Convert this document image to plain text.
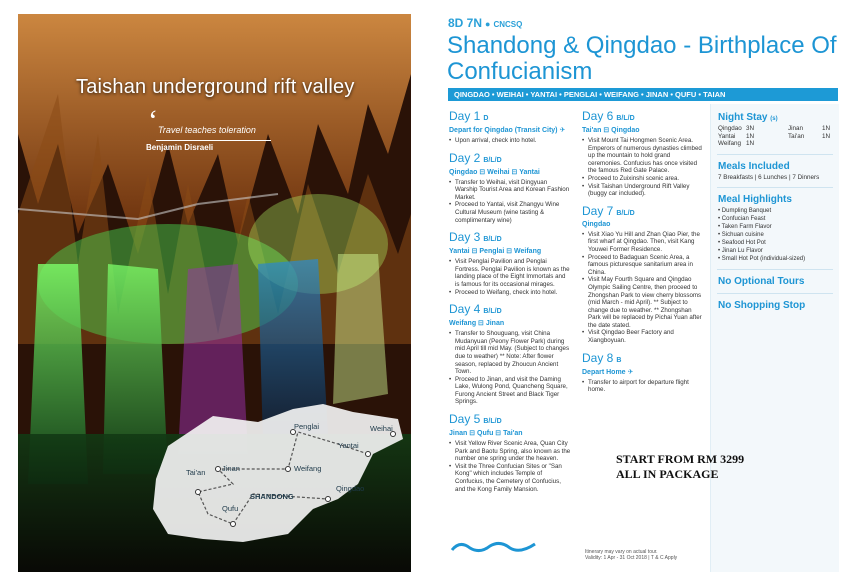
Taishan underground rift valley
‘ Travel teaches toleration
Benjamin Disraeli
Penglai	Weihai
Yantai
Weifang
Tai'an Jinan
Qingdao
Qufu
SHANDONG
8D 7N ● CNCSQ
Shandong & Qingdao - Birthplace Of Confucianism
QINGDAO • WEIHAI • YANTAI • PENGLAI • WEIFANG • JINAN • QUFU • TAIAN
Day 1 D
Depart for Qingdao (Transit City) ✈
• Upon arrival, check into hotel.
Day 2 B/L/D
Qingdao ⊟ Weihai ⊟ Yantai
• Transfer to Weihai, visit Dingyuan Warship Tourist Area and Korean Fashion Market.
• Proceed to Yantai, visit Zhangyu Wine Cultural Museum (wine tasting & complimentary wine)
Day 3 B/L/D
Yantai ⊟ Penglai ⊟ Weifang
• Visit Penglai Pavilion and Penglai Fortress. Penglai Pavilion is known as the landing place of the Eight Immortals and is famous for its occasional mirages.
• Proceed to Weifang, check into hotel.
Day 4 B/L/D
Weifang ⊟ Jinan
• Transfer to Shouguang, visit China Mudanyuan (Peony Flower Park) during mid April till mid May. (Subject to changes due to weather) ** Note: After flower season, replaced by Zhoucun Ancient Town.
• Proceed to Jinan, and visit the Daming Lake, Wulong Pond, Quancheng Square, Furong Ancient Street and Black Tiger Springs.
Day 5 B/L/D
Jinan ⊟ Qufu ⊟ Tai'an
• Visit Yellow River Scenic Area, Quan City Park and Baotu Spring, also known as the number one spring under the heaven.
• Visit the Three Confucian Sites or "San Kong" which includes Temple of Confucius, the Cemetery of Confucius, and the Kong Family Mansion.
Day 6 B/L/D
Tai'an ⊟ Qingdao
• Visit Mount Tai Hongmen Scenic Area. Emperors of numerous dynasties climbed up the mountain to hold grand ceremonies. Confucius has once visited the famous Red Gate Palace.
• Proceed to Zuixinshi scenic area.
• Visit Taishan Underground Rift Valley (buggy car included).
Day 7 B/L/D
Qingdao
• Visit Xiao Yu Hill and Zhan Qiao Pier, the first wharf at Qingdao. Then, visit Kang Youwei Former Residence.
• Proceed to Badaguan Scenic Area, a famous picturesque sanitarium area in China.
• Visit May Fourth Square and Qingdao Olympic Sailing Centre, then proceed to Zhongshan Park to view cherry blossoms (mid March - mid April). ** Subject to change due to weather. ** Zhongshan Park will be replaced by Pichai Yuan after the date stated.
• Visit Qingdao Beer Factory and Xiangboyuan.
Day 8 B
Depart Home ✈
• Transfer to airport for departure flight home.
Night Stay (s)
Qingdao 3N	Jinan	1N
Yantai	1N	Tai'an	1N
Weifang 1N
Meals Included
7 Breakfasts | 6 Lunches | 7 Dinners
Meal Highlights
• Dumpling Banquet
• Confucian Feast
• Taken Farm Flavor
• Sichuan cuisine
• Seafood Hot Pot
• Jinan Lu Flavor
• Small Hot Pot (individual-sized)
No Optional Tours
No Shopping Stop
START FROM RM 3299
ALL IN PACKAGE
Itinerary may vary on actual tour.
Validity: 1 Apr - 31 Oct 2018 | T & C Apply
